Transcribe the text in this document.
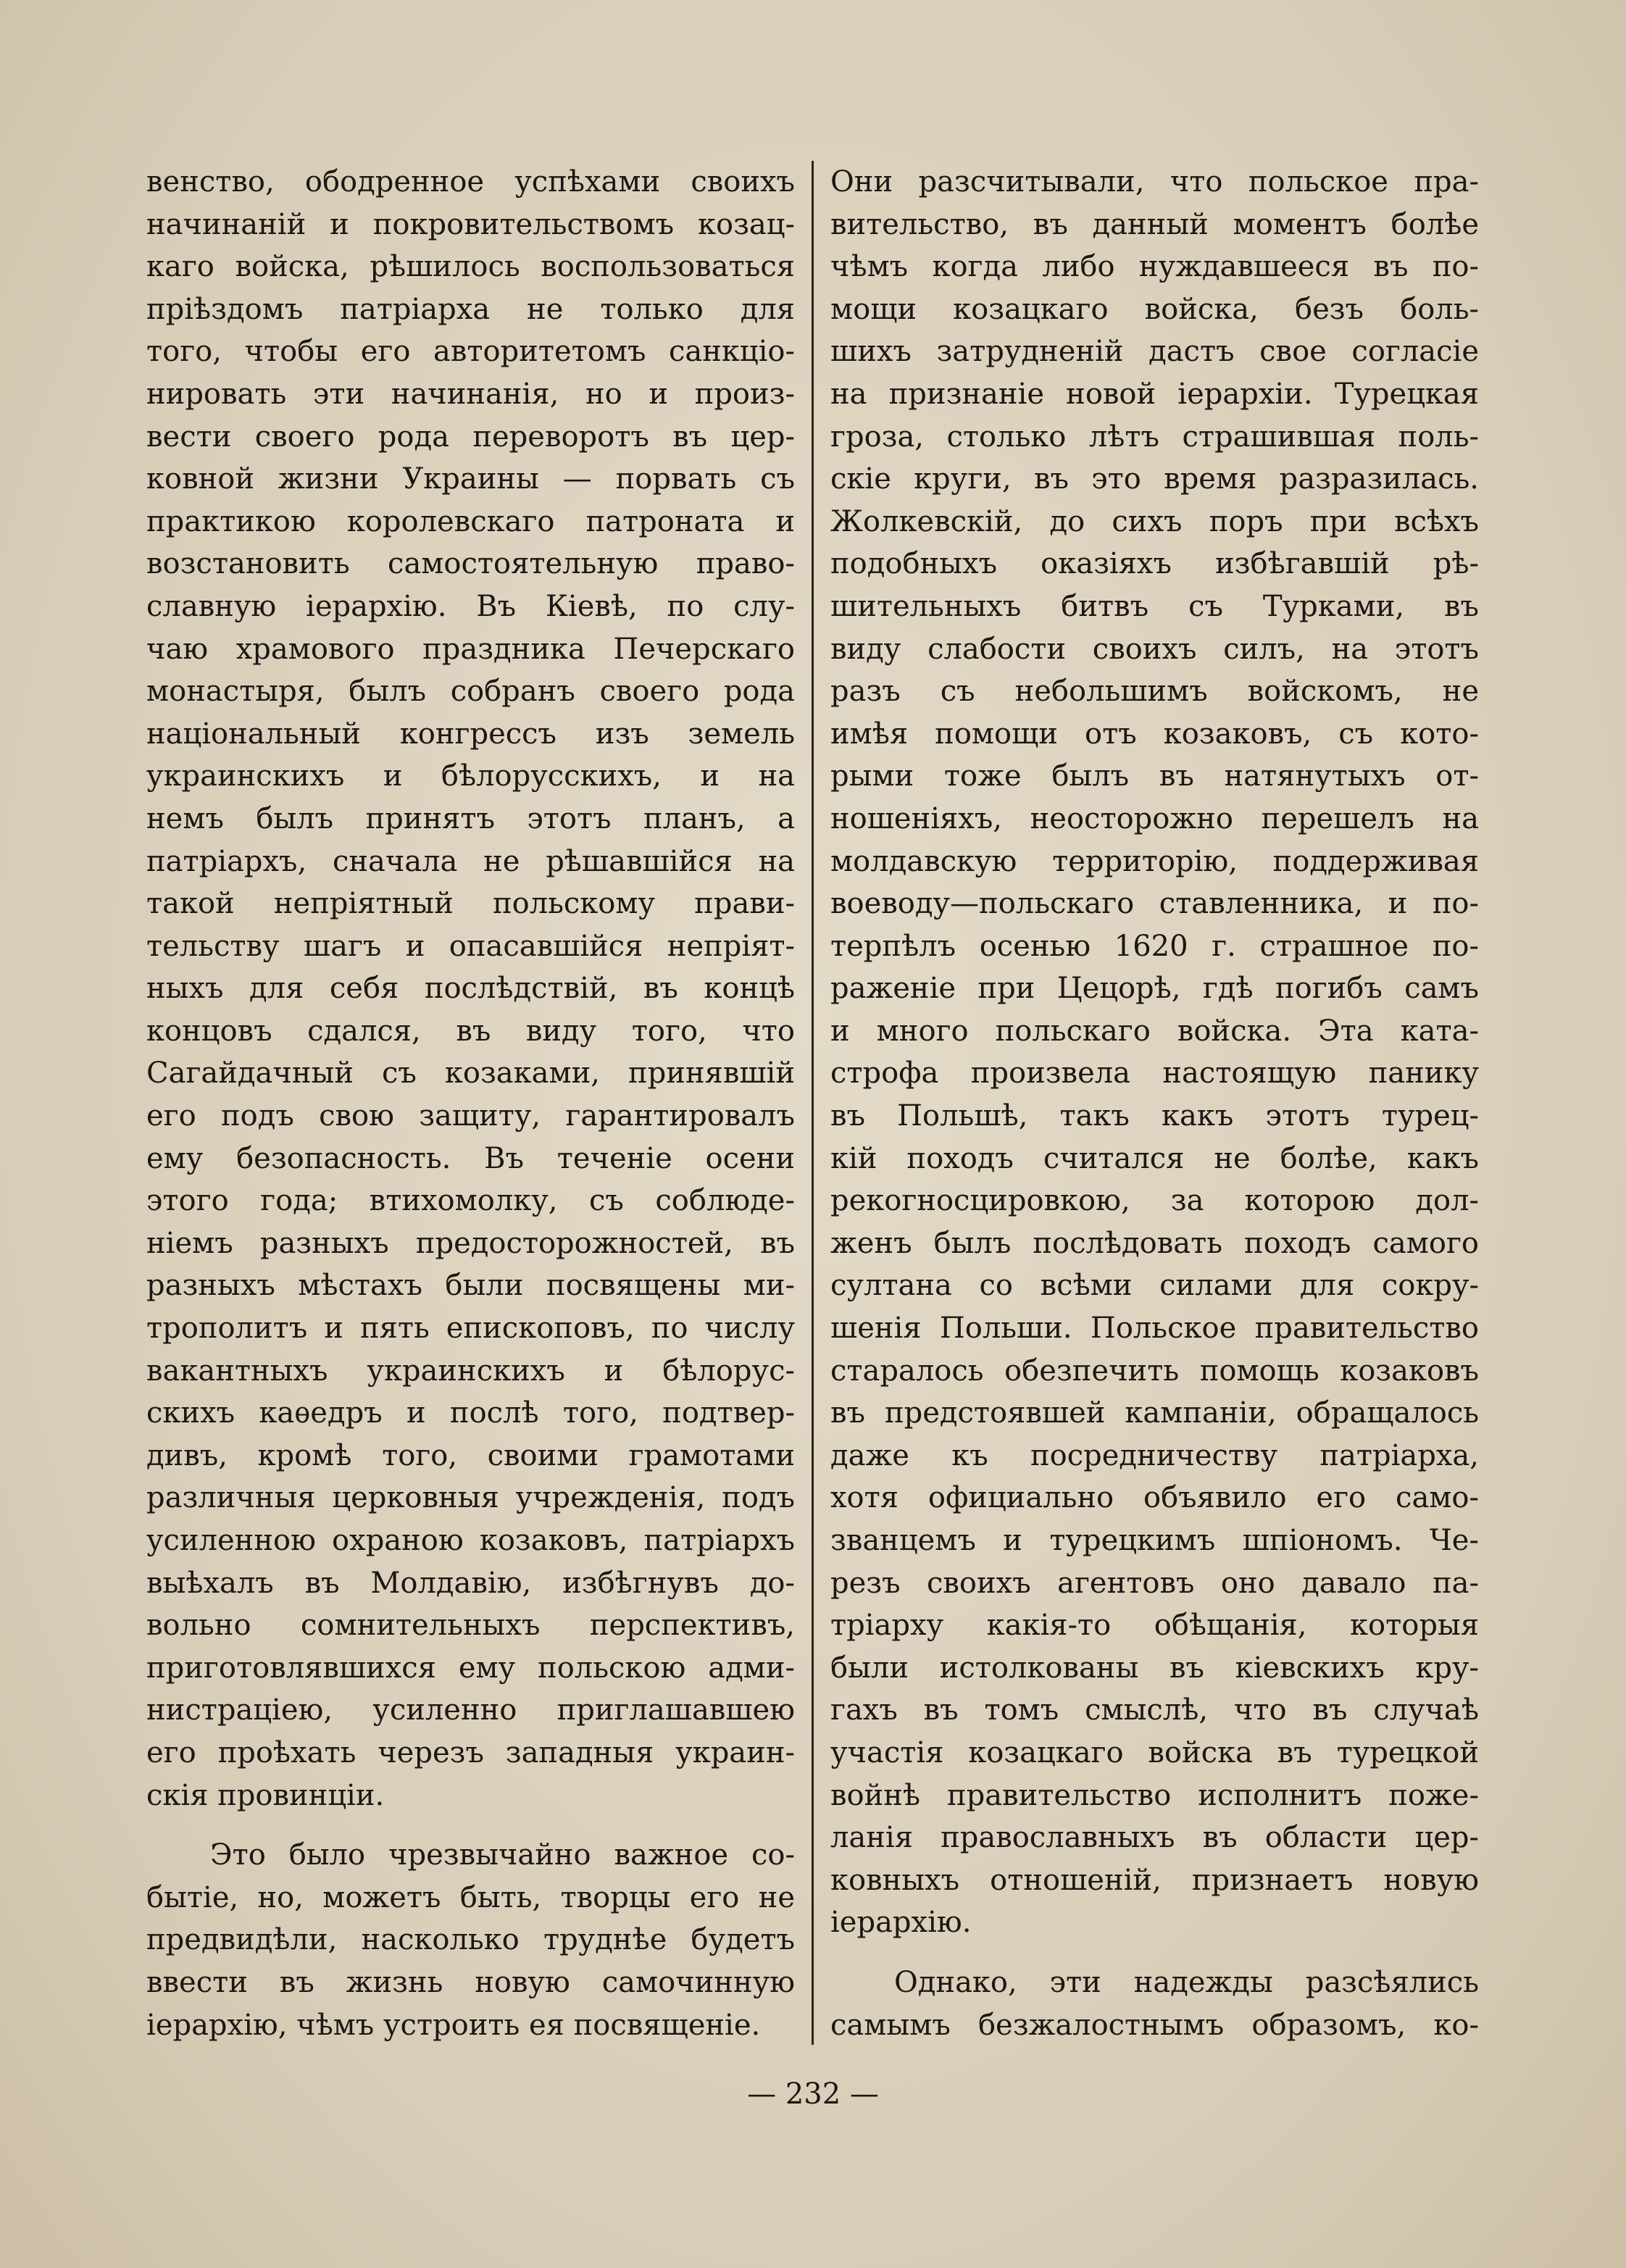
венство, ободренное успѣхами своихъ
начинаній и покровительствомъ козац-
каго войска, рѣшилось воспользоваться
пріѣздомъ патріарха не только для
того, чтобы его авторитетомъ санкціо-
нировать эти начинанія, но и произ-
вести своего рода переворотъ въ цер-
ковной жизни Украины — порвать съ
практикою королевскаго патроната и
возстановить самостоятельную право-
славную іерархію. Въ Кіевѣ, по слу-
чаю храмового праздника Печерскаго
монастыря, былъ собранъ своего рода
національный конгрессъ изъ земель
украинскихъ и бѣлорусскихъ, и на
немъ былъ принятъ этотъ планъ, а
патріархъ, сначала не рѣшавшійся на
такой непріятный польскому прави-
тельству шагъ и опасавшійся непріят-
ныхъ для себя послѣдствій, въ концѣ
концовъ сдался, въ виду того, что
Сагайдачный съ козаками, принявшій
его подъ свою защиту, гарантировалъ
ему безопасность. Въ теченіе осени
этого года; втихомолку, съ соблюде-
ніемъ разныхъ предосторожностей, въ
разныхъ мѣстахъ были посвящены ми-
трополитъ и пять епископовъ, по числу
вакантныхъ украинскихъ и бѣлорус-
скихъ каѳедръ и послѣ того, подтвер-
дивъ, кромѣ того, своими грамотами
различныя церковныя учрежденія, подъ
усиленною охраною козаковъ, патріархъ
выѣхалъ въ Молдавію, избѣгнувъ до-
вольно сомнительныхъ перспективъ,
приготовлявшихся ему польскою адми-
нистраціею, усиленно приглашавшею
его проѣхать черезъ западныя украин-
скія провинціи.
Это было чрезвычайно важное со-
бытіе, но, можетъ быть, творцы его не
предвидѣли, насколько труднѣе будетъ
ввести въ жизнь новую самочинную
іерархію, чѣмъ устроить ея посвященіе.
Они разсчитывали, что польское пра-
вительство, въ данный моментъ болѣе
чѣмъ когда либо нуждавшееся въ по-
мощи козацкаго войска, безъ боль-
шихъ затрудненій дастъ свое согласіе
на признаніе новой іерархіи. Турецкая
гроза, столько лѣтъ страшившая поль-
скіе круги, въ это время разразилась.
Жолкевскій, до сихъ поръ при всѣхъ
подобныхъ оказіяхъ избѣгавшій рѣ-
шительныхъ битвъ съ Турками, въ
виду слабости своихъ силъ, на этотъ
разъ съ небольшимъ войскомъ, не
имѣя помощи отъ козаковъ, съ кото-
рыми тоже былъ въ натянутыхъ от-
ношеніяхъ, неосторожно перешелъ на
молдавскую территорію, поддерживая
воеводу—польскаго ставленника, и по-
терпѣлъ осенью 1620 г. страшное по-
раженіе при Цецорѣ, гдѣ погибъ самъ
и много польскаго войска. Эта ката-
строфа произвела настоящую панику
въ Польшѣ, такъ какъ этотъ турец-
кій походъ считался не болѣе, какъ
рекогносцировкою, за которою дол-
женъ былъ послѣдовать походъ самого
султана со всѣми силами для сокру-
шенія Польши. Польское правительство
старалось обезпечить помощь козаковъ
въ предстоявшей кампаніи, обращалось
даже къ посредничеству патріарха,
хотя официально объявило его само-
званцемъ и турецкимъ шпіономъ. Че-
резъ своихъ агентовъ оно давало па-
тріарху какія-то обѣщанія, которыя
были истолкованы въ кіевскихъ кру-
гахъ въ томъ смыслѣ, что въ случаѣ
участія козацкаго войска въ турецкой
войнѣ правительство исполнитъ поже-
ланія православныхъ въ области цер-
ковныхъ отношеній, признаетъ новую
іерархію.
Однако, эти надежды разсѣялись
самымъ безжалостнымъ образомъ, ко-
— 232 —
